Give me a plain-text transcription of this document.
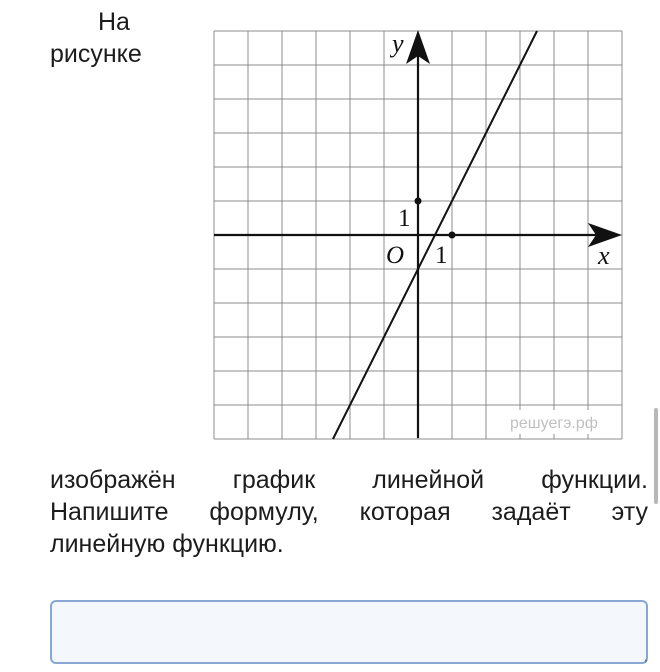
На
рисунке	y
x
O
1
1
решуегэ.рф
изображён график линейной функции.
Напишите формулу, которая задаёт эту
линейную функцию.
,
